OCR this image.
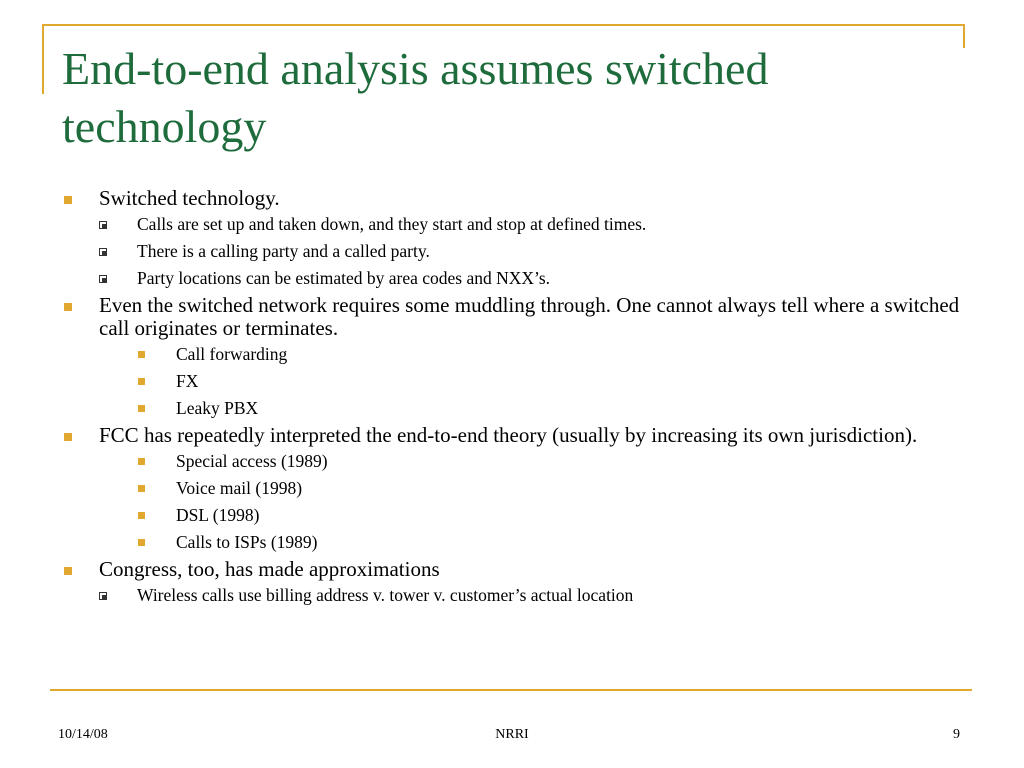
End-to-end analysis assumes switched technology
Switched technology.
Calls are set up and taken down, and they start and stop at defined times.
There is a calling party and a called party.
Party locations can be estimated by area codes and NXX’s.
Even the switched network requires some muddling through. One cannot always tell where a switched call originates or terminates.
Call forwarding
FX
Leaky PBX
FCC has repeatedly interpreted the end-to-end theory (usually by increasing its own jurisdiction).
Special access (1989)
Voice mail (1998)
DSL (1998)
Calls to ISPs (1989)
Congress, too, has made approximations
Wireless calls use billing address v. tower v. customer’s actual location
10/14/08	NRRI	9
